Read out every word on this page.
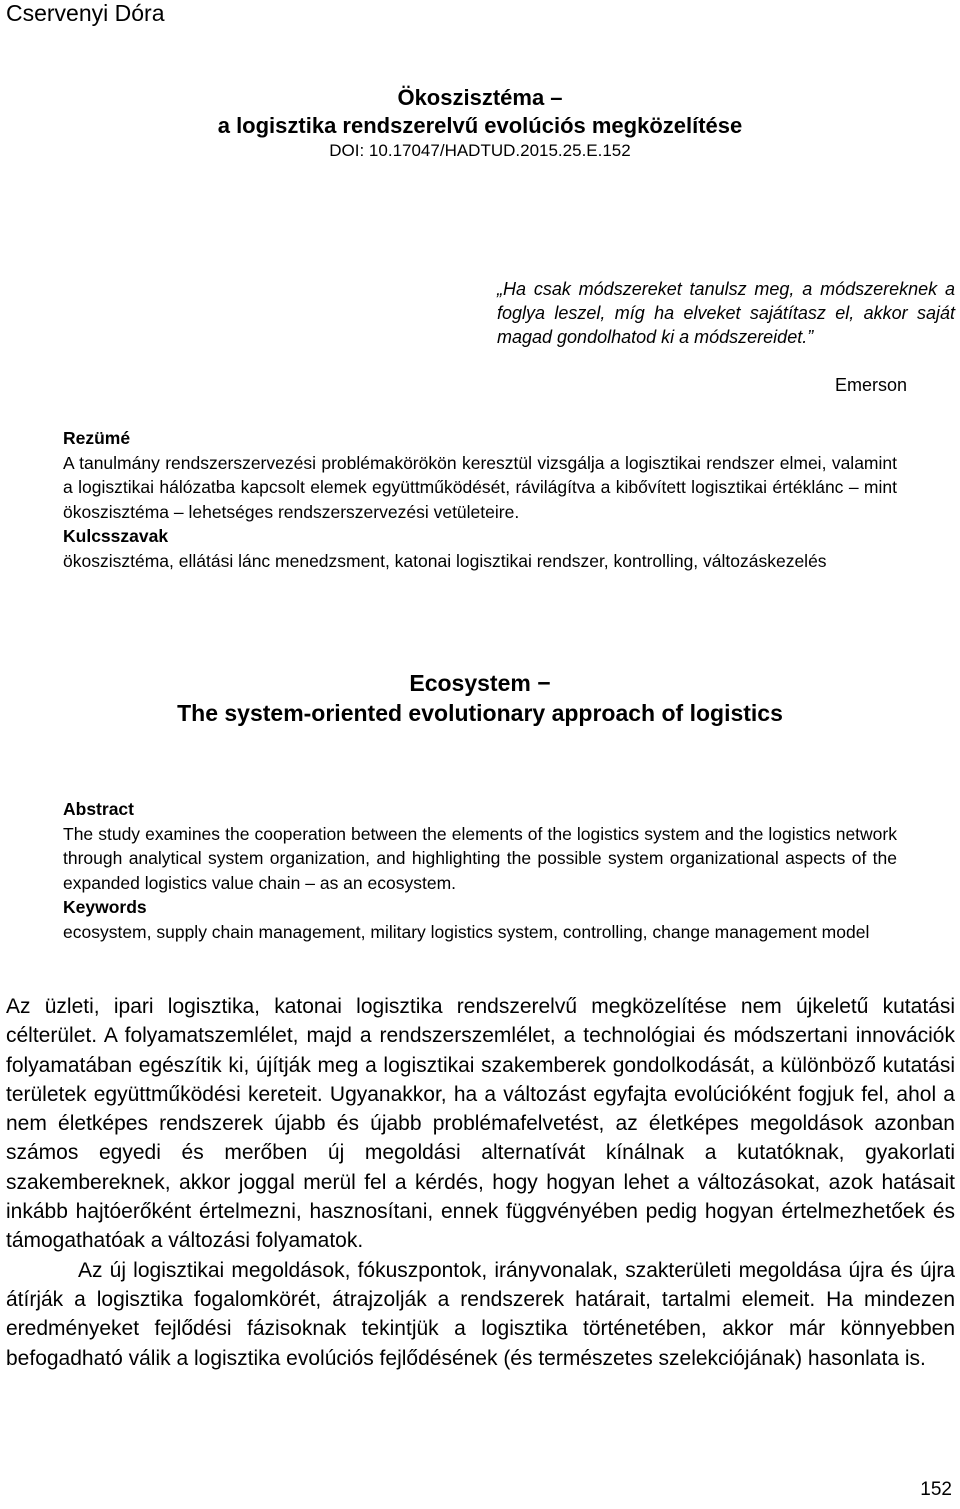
Cservenyi Dóra
Ökoszisztéma –
a logisztika rendszerelvű evolúciós megközelítése
DOI: 10.17047/HADTUD.2015.25.E.152
„Ha csak módszereket tanulsz meg, a módszereknek a foglya leszel, míg ha elveket sajátítasz el, akkor saját magad gondolhatod ki a módszereidet.”
Emerson
Rezümé
A tanulmány rendszerszervezési problémakörökön keresztül vizsgálja a logisztikai rendszer elmei, valamint a logisztikai hálózatba kapcsolt elemek együttműködését, rávilágítva a kibővített logisztikai értéklánc – mint ökoszisztéma – lehetséges rendszerszervezési vetületeire.
Kulcsszavak
ökoszisztéma, ellátási lánc menedzsment, katonai logisztikai rendszer, kontrolling, változáskezelés
Ecosystem −
The system-oriented evolutionary approach of logistics
Abstract
The study examines the cooperation between the elements of the logistics system and the logistics network through analytical system organization, and highlighting the possible system organizational aspects of the expanded logistics value chain – as an ecosystem.
Keywords
ecosystem, supply chain management, military logistics system, controlling, change management model

Az üzleti, ipari logisztika, katonai logisztika rendszerelvű megközelítése nem újkeletű kutatási célterület. A folyamatszemlélet, majd a rendszerszemlélet, a technológiai és módszertani innovációk folyamatában egészítik ki, újítják meg a logisztikai szakemberek gondolkodását, a különböző kutatási területek együttműködési kereteit. Ugyanakkor, ha a változást egyfajta evolúcióként fogjuk fel, ahol a nem életképes rendszerek újabb és újabb problémafelvetést, az életképes megoldások azonban számos egyedi és merőben új megoldási alternatívát kínálnak a kutatóknak, gyakorlati szakembereknek, akkor joggal merül fel a kérdés, hogy hogyan lehet a változásokat, azok hatásait inkább hajtóerőként értelmezni, hasznosítani, ennek függvényében pedig hogyan értelmezhetőek és támogathatóak a változási folyamatok.

Az új logisztikai megoldások, fókuszpontok, irányvonalak, szakterületi megoldása újra és újra átírják a logisztika fogalomkörét, átrajzolják a rendszerek határait, tartalmi elemeit. Ha mindezen eredményeket fejlődési fázisoknak tekintjük a logisztika történetében, akkor már könnyebben befogadható válik a logisztika evolúciós fejlődésének (és természetes szelekciójának) hasonlata is.

152
